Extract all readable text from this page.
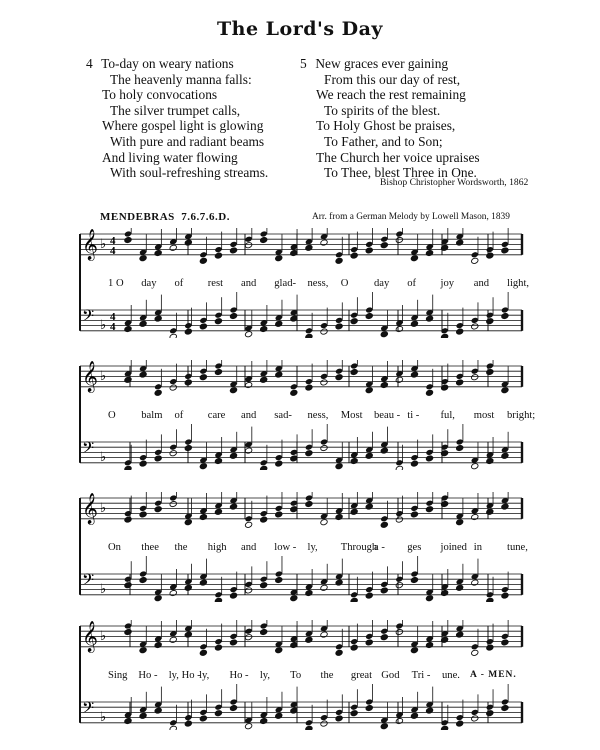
The Lord's Day
4 To-day on weary nations
The heavenly manna falls:
To holy convocations
The silver trumpet calls,
Where gospel light is glowing
With pure and radiant beams
And living water flowing
With soul-refreshing streams.
5 New graces ever gaining
From this our day of rest,
We reach the rest remaining
To spirits of the blest.
To Holy Ghost be praises,
To Father, and to Son;
The Church her voice upraises
To Thee, blest Three in One.
Bishop Christopher Wordsworth, 1862
MENDEBRAS 7.6.7.6.D.	Arr. from a German Melody by Lowell Mason, 1839
𝄞 ♭ 4
4
𝄢 ♭
4
4
1 O day of rest and glad- ness, O day of joy and light,
𝄞 ♭
𝄢 ♭
O balm of care and sad- ness, Most beau - ti - ful, most bright;
𝄞 ♭
𝄢 ♭
On thee the high and low - ly, Through
a - ges joined in tune,
𝄞 ♭
𝄢 ♭
Sing Ho - ly, Ho -
ly, Ho - ly, To the great God Tri - une. A - MEN.
